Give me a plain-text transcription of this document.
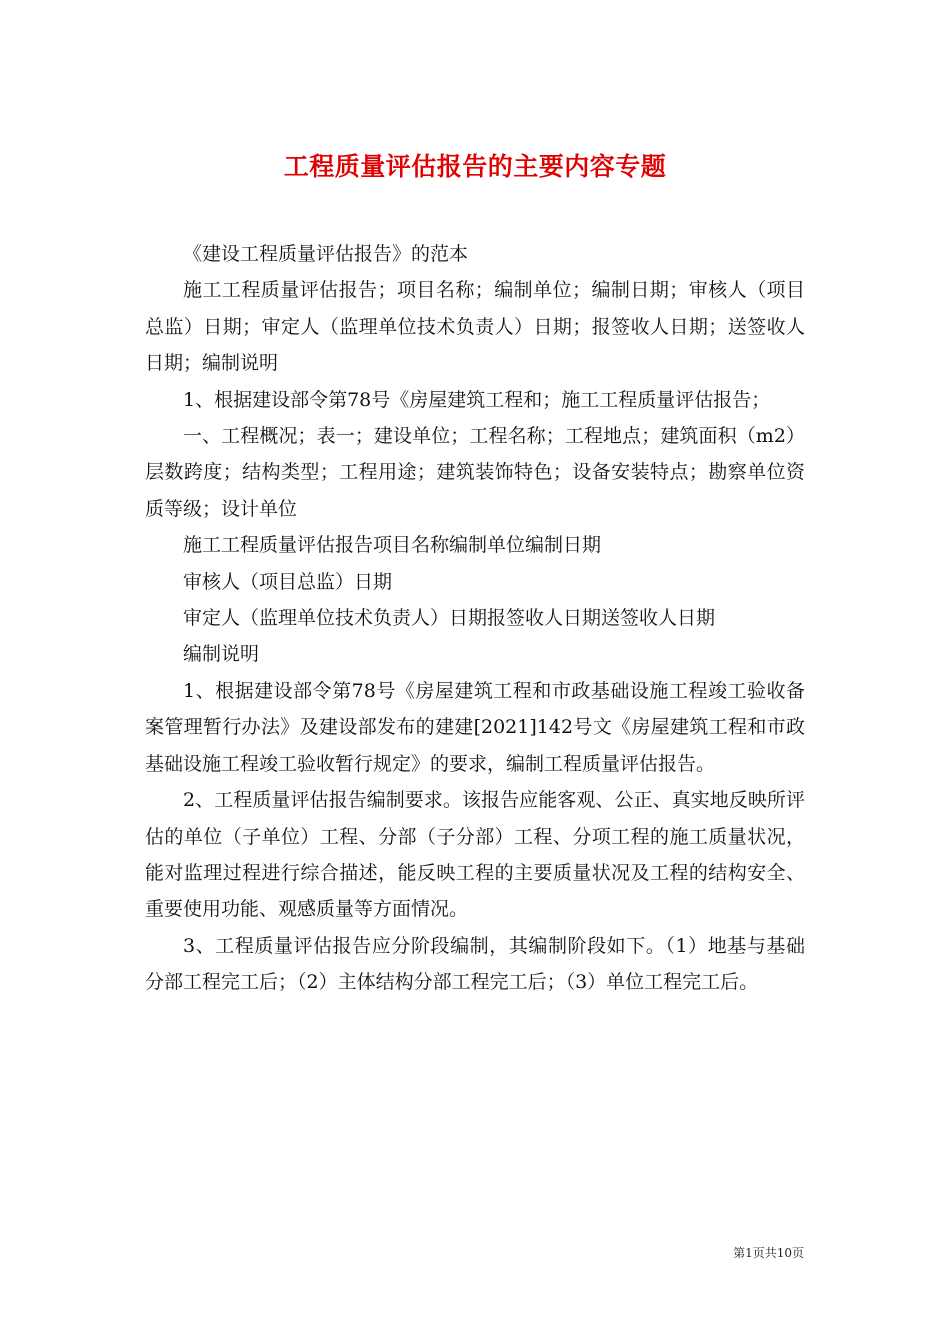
工程质量评估报告的主要内容专题

《建设工程质量评估报告》的范本

施工工程质量评估报告；项目名称；编制单位；编制日期；审核人（项目总监）日期；审定人（监理单位技术负责人）日期；报签收人日期；送签收人日期；编制说明

1、根据建设部令第78号《房屋建筑工程和；施工工程质量评估报告；

一、工程概况；表一；建设单位；工程名称；工程地点；建筑面积（m2）层数跨度；结构类型；工程用途；建筑装饰特色；设备安装特点；勘察单位资质等级；设计单位

施工工程质量评估报告项目名称编制单位编制日期

审核人（项目总监）日期

审定人（监理单位技术负责人）日期报签收人日期送签收人日期

编制说明

1、根据建设部令第78号《房屋建筑工程和市政基础设施工程竣工验收备案管理暂行办法》及建设部发布的建建[2021]142号文《房屋建筑工程和市政基础设施工程竣工验收暂行规定》的要求，编制工程质量评估报告。

2、工程质量评估报告编制要求。该报告应能客观、公正、真实地反映所评估的单位（子单位）工程、分部（子分部）工程、分项工程的施工质量状况，能对监理过程进行综合描述，能反映工程的主要质量状况及工程的结构安全、重要使用功能、观感质量等方面情况。

3、工程质量评估报告应分阶段编制，其编制阶段如下。（1）地基与基础分部工程完工后；（2）主体结构分部工程完工后；（3）单位工程完工后。

第1页共10页
